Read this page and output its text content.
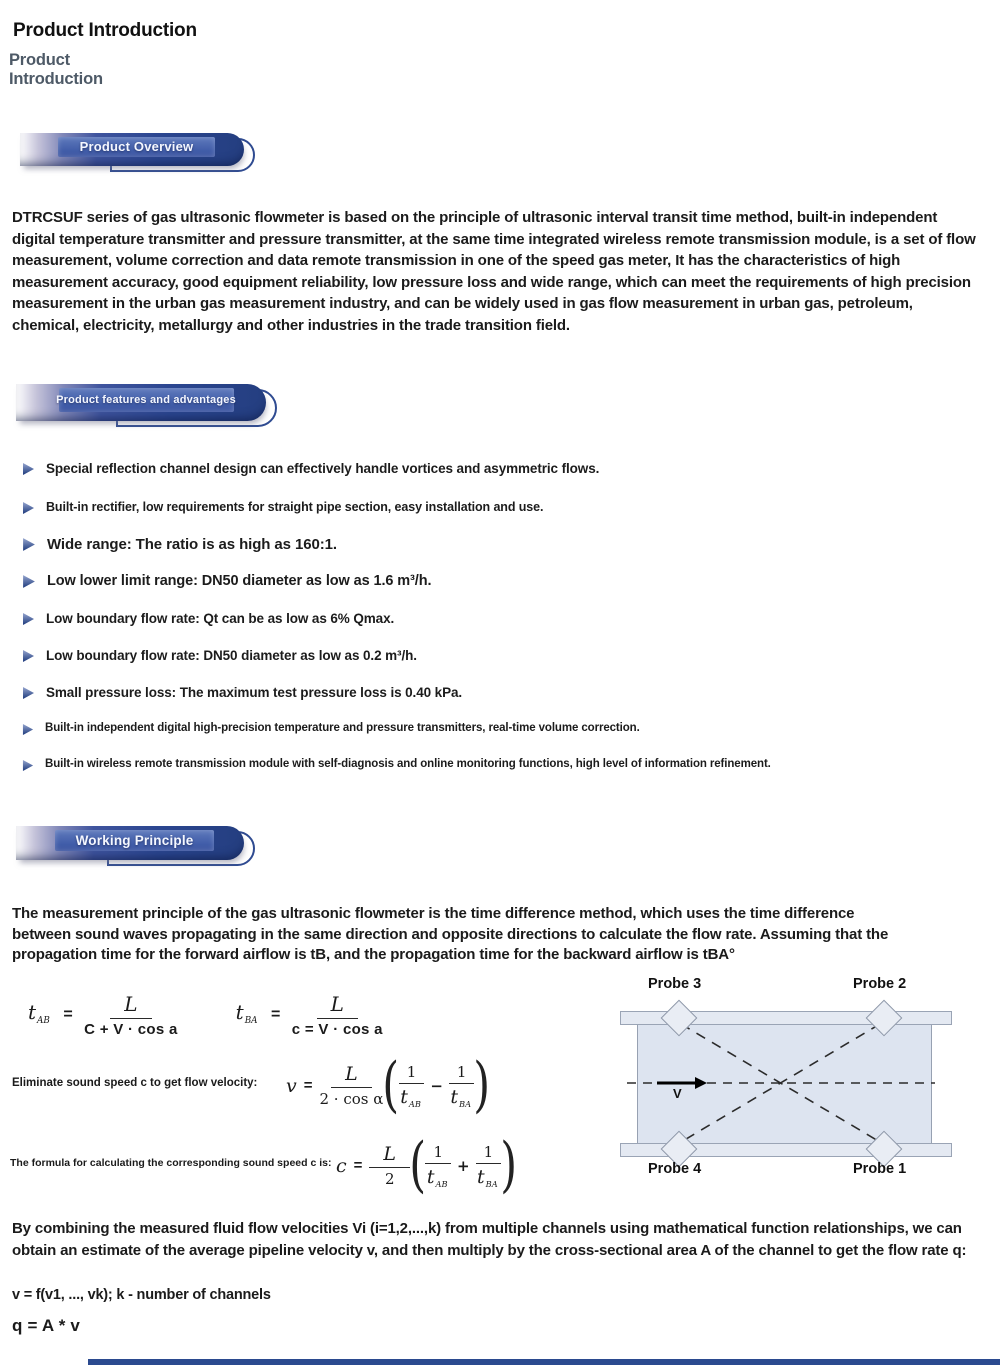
Product Introduction
Product
Introduction
Product Overview
DTRCSUF series of gas ultrasonic flowmeter is based on the principle of ultrasonic interval transit time method, built-in independent digital temperature transmitter and pressure transmitter, at the same time integrated wireless remote transmission module, is a set of flow measurement, volume correction and data remote transmission in one of the speed gas meter, It has the characteristics of high measurement accuracy, good equipment reliability, low pressure loss and wide range, which can meet the requirements of high precision measurement in the urban gas measurement industry, and can be widely used in gas flow measurement in urban gas, petroleum, chemical, electricity, metallurgy and other industries in the trade transition field.
Product features and advantages
Special reflection channel design can effectively handle vortices and asymmetric flows.
Built-in rectifier, low requirements for straight pipe section, easy installation and use.
Wide range: The ratio is as high as 160:1.
Low lower limit range: DN50 diameter as low as 1.6 m³/h.
Low boundary flow rate: Qt can be as low as 6% Qmax.
Low boundary flow rate: DN50 diameter as low as 0.2 m³/h.
Small pressure loss: The maximum test pressure loss is 0.40 kPa.
Built-in independent digital high-precision temperature and pressure transmitters, real-time volume correction.
Built-in wireless remote transmission module with self-diagnosis and online monitoring functions, high level of information refinement.
Working Principle
The measurement principle of the gas ultrasonic flowmeter is the time difference method, which uses the time difference between sound waves propagating in the same direction and opposite directions to calculate the flow rate. Assuming that the propagation time for the forward airflow is tB, and the propagation time for the backward airflow is tBA°
$t_{AB} = \frac{L}{\text{C + V · cos a}}$	$t_{BA} = \frac{L}{\text{c = V · cos a}}$
Eliminate sound speed c to get flow velocity: $v = \frac{L}{\text{2 · cos α}}$ ( $\frac{1}{t_{AB}} - \frac{1}{t_{BA}}$ )
The formula for calculating the corresponding sound speed c is: $c = \frac{L}{2}$ ( $\frac{1}{t_{AB}} + \frac{1}{t_{BA}}$ )
Probe 3	Probe 2
Probe 4	Probe 1
V
By combining the measured fluid flow velocities Vi (i=1,2,...,k) from multiple channels using mathematical function relationships, we can obtain an estimate of the average pipeline velocity v, and then multiply by the cross-sectional area A of the channel to get the flow rate q:
v = f(v1, ..., vk); k - number of channels
q = A * v
